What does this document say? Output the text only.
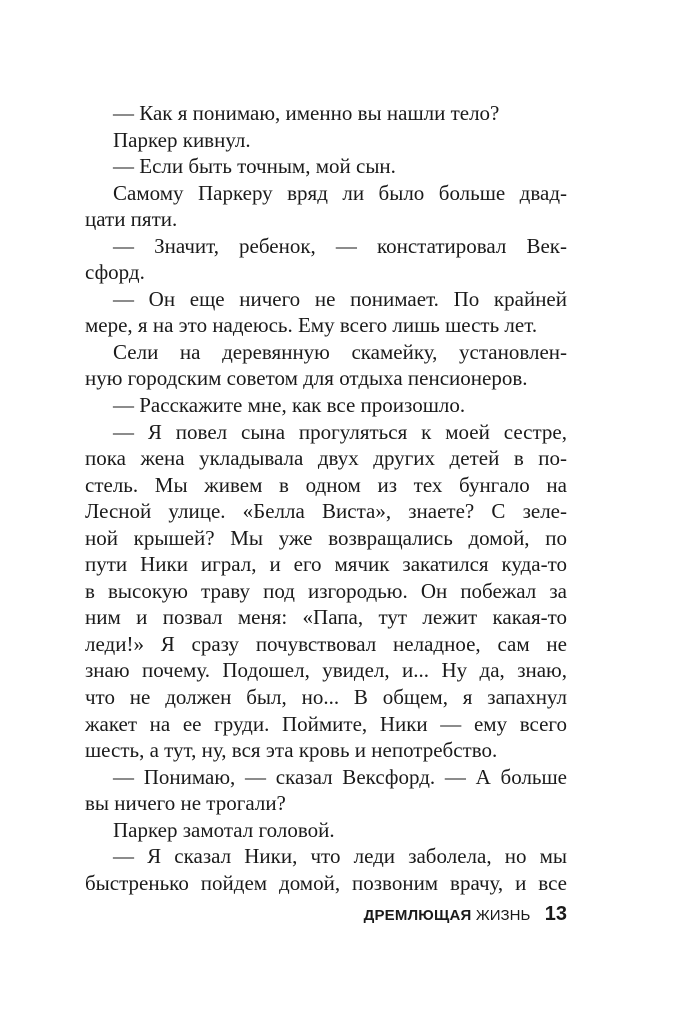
— Как я понимаю, именно вы нашли тело?
Паркер кивнул.
— Если быть точным, мой сын.
Самому Паркеру вряд ли было больше двад-
цати пяти.
— Значит, ребенок, — констатировал Век-
сфорд.
— Он еще ничего не понимает. По крайней
мере, я на это надеюсь. Ему всего лишь шесть лет.
Сели на деревянную скамейку, установлен-
ную городским советом для отдыха пенсионеров.
— Расскажите мне, как все произошло.
— Я повел сына прогуляться к моей сестре,
пока жена укладывала двух других детей в по-
стель. Мы живем в одном из тех бунгало на
Лесной улице. «Белла Виста», знаете? С зеле-
ной крышей? Мы уже возвращались домой, по
пути Ники играл, и его мячик закатился куда-то
в высокую траву под изгородью. Он побежал за
ним и позвал меня: «Папа, тут лежит какая-то
леди!» Я сразу почувствовал неладное, сам не
знаю почему. Подошел, увидел, и... Ну да, знаю,
что не должен был, но... В общем, я запахнул
жакет на ее груди. Поймите, Ники — ему всего
шесть, а тут, ну, вся эта кровь и непотребство.
— Понимаю, — сказал Вексфорд. — А больше
вы ничего не трогали?
Паркер замотал головой.
— Я сказал Ники, что леди заболела, но мы
быстренько пойдем домой, позвоним врачу, и все
ДРЕМЛЮЩАЯ ЖИЗНЬ 13
